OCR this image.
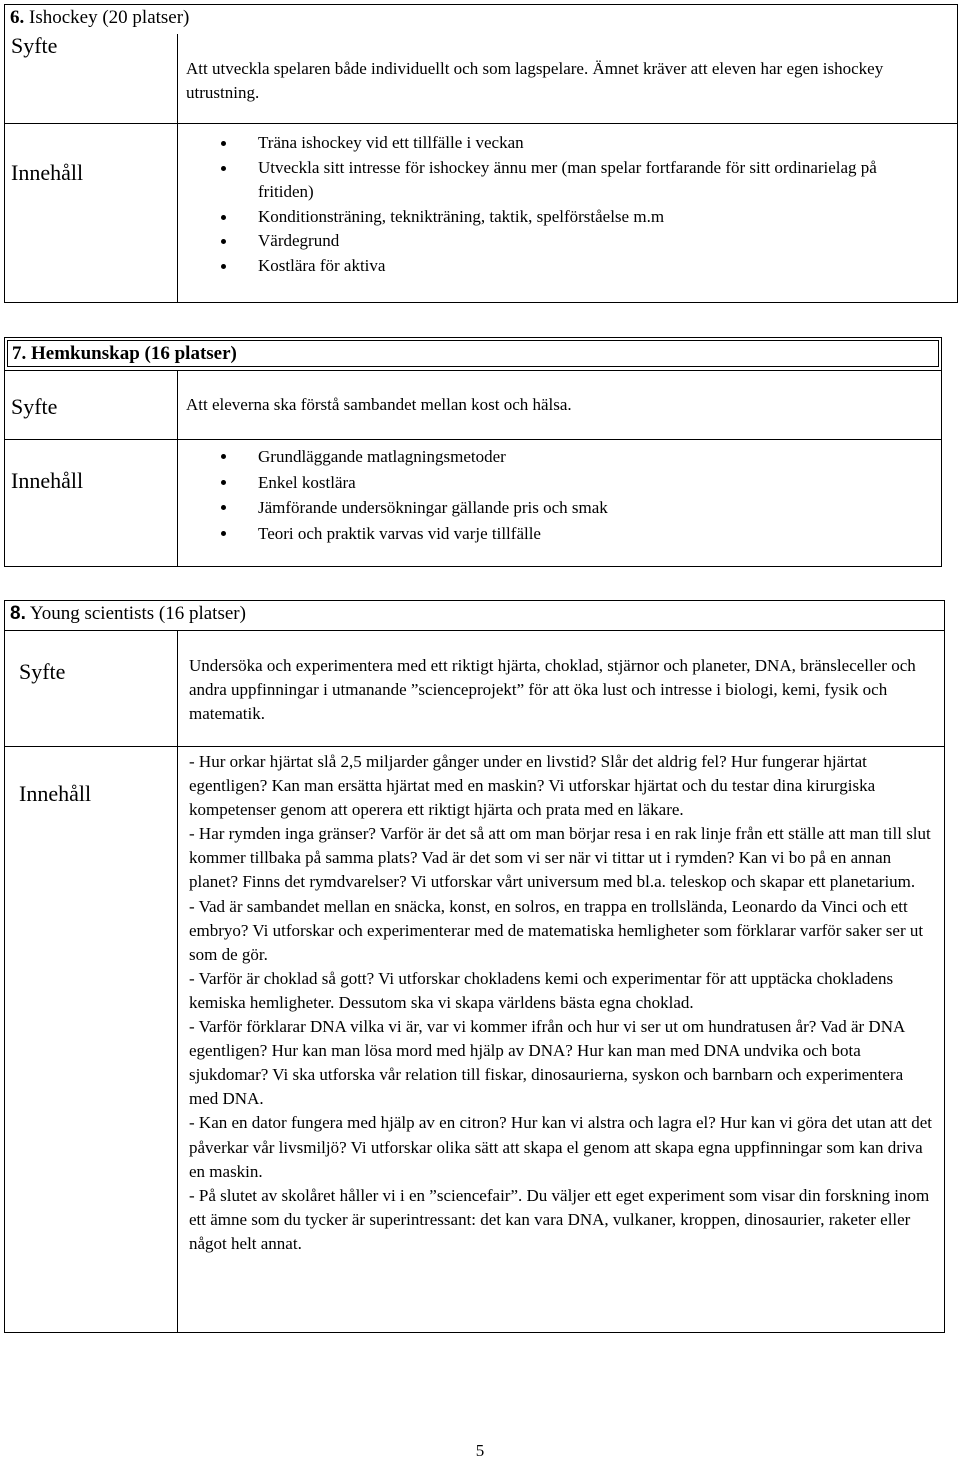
6. Ishockey (20 platser)
Syfte
Att utveckla spelaren både individuellt och som lagspelare. Ämnet kräver att eleven har egen ishockey utrustning.
Innehåll
Träna ishockey vid ett tillfälle i veckan
Utveckla sitt intresse för ishockey ännu mer (man spelar fortfarande för sitt ordinarielag på fritiden)
Konditionsträning, teknikträning, taktik, spelförståelse m.m
Värdegrund
Kostlära för aktiva
7. Hemkunskap (16 platser)
Syfte	Att eleverna ska förstå sambandet mellan kost och hälsa.
Innehåll
Grundläggande matlagningsmetoder
Enkel kostlära
Jämförande undersökningar gällande pris och smak
Teori och praktik varvas vid varje tillfälle
8. Young scientists (16 platser)
Syfte	Undersöka och experimentera med ett riktigt hjärta, choklad, stjärnor och planeter, DNA, bränsleceller och andra uppfinningar i utmanande ”scienceprojekt” för att öka lust och intresse i biologi, kemi, fysik och matematik.
Innehåll

- Hur orkar hjärtat slå 2,5 miljarder gånger under en livstid? Slår det aldrig fel? Hur fungerar hjärtat egentligen? Kan man ersätta hjärtat med en maskin? Vi utforskar hjärtat och du testar dina kirurgiska kompetenser genom att operera ett riktigt hjärta och prata med en läkare.

- Har rymden inga gränser? Varför är det så att om man börjar resa i en rak linje från ett ställe att man till slut kommer tillbaka på samma plats? Vad är det som vi ser när vi tittar ut i rymden? Kan vi bo på en annan planet? Finns det rymdvarelser? Vi utforskar vårt universum med bl.a. teleskop och skapar ett planetarium.

- Vad är sambandet mellan en snäcka, konst, en solros, en trappa en trollslända, Leonardo da Vinci och ett embryo? Vi utforskar och experimenterar med de matematiska hemligheter som förklarar varför saker ser ut som de gör.

- Varför är choklad så gott? Vi utforskar chokladens kemi och experimentar för att upptäcka chokladens kemiska hemligheter. Dessutom ska vi skapa världens bästa egna choklad.

- Varför förklarar DNA vilka vi är, var vi kommer ifrån och hur vi ser ut om hundratusen år? Vad är DNA egentligen? Hur kan man lösa mord med hjälp av DNA? Hur kan man med DNA undvika och bota sjukdomar? Vi ska utforska vår relation till fiskar, dinosaurierna, syskon och barnbarn och experimentera med DNA.

- Kan en dator fungera med hjälp av en citron? Hur kan vi alstra och lagra el? Hur kan vi göra det utan att det påverkar vår livsmiljö? Vi utforskar olika sätt att skapa el genom att skapa egna uppfinningar som kan driva en maskin.

- På slutet av skolåret håller vi i en ”sciencefair”. Du väljer ett eget experiment som visar din forskning inom ett ämne som du tycker är superintressant: det kan vara DNA, vulkaner, kroppen, dinosaurier, raketer eller något helt annat.

5
